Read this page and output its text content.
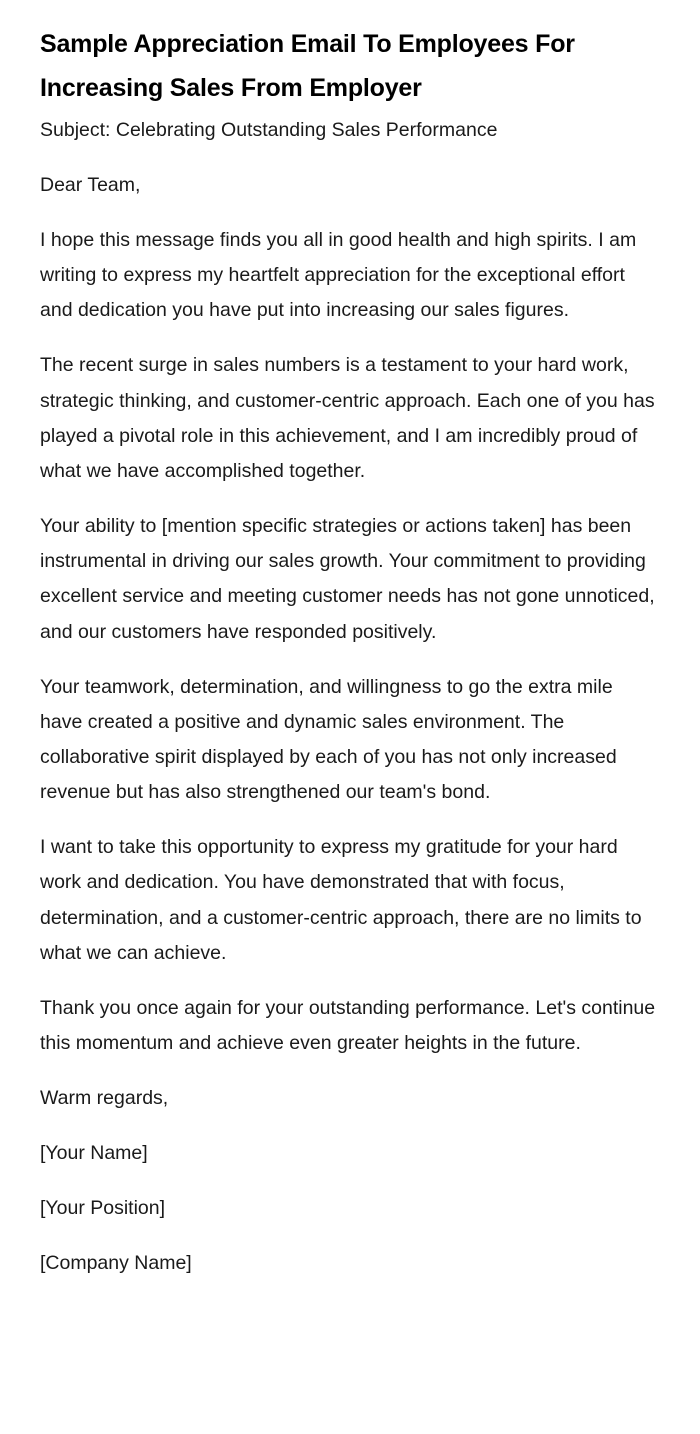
Sample Appreciation Email To Employees For Increasing Sales From Employer

Subject: Celebrating Outstanding Sales Performance

Dear Team,

I hope this message finds you all in good health and high spirits. I am writing to express my heartfelt appreciation for the exceptional effort and dedication you have put into increasing our sales figures.

The recent surge in sales numbers is a testament to your hard work, strategic thinking, and customer-centric approach. Each one of you has played a pivotal role in this achievement, and I am incredibly proud of what we have accomplished together.

Your ability to [mention specific strategies or actions taken] has been instrumental in driving our sales growth. Your commitment to providing excellent service and meeting customer needs has not gone unnoticed, and our customers have responded positively.

Your teamwork, determination, and willingness to go the extra mile have created a positive and dynamic sales environment. The collaborative spirit displayed by each of you has not only increased revenue but has also strengthened our team's bond.

I want to take this opportunity to express my gratitude for your hard work and dedication. You have demonstrated that with focus, determination, and a customer-centric approach, there are no limits to what we can achieve.

Thank you once again for your outstanding performance. Let's continue this momentum and achieve even greater heights in the future.

Warm regards,

[Your Name]

[Your Position]

[Company Name]
